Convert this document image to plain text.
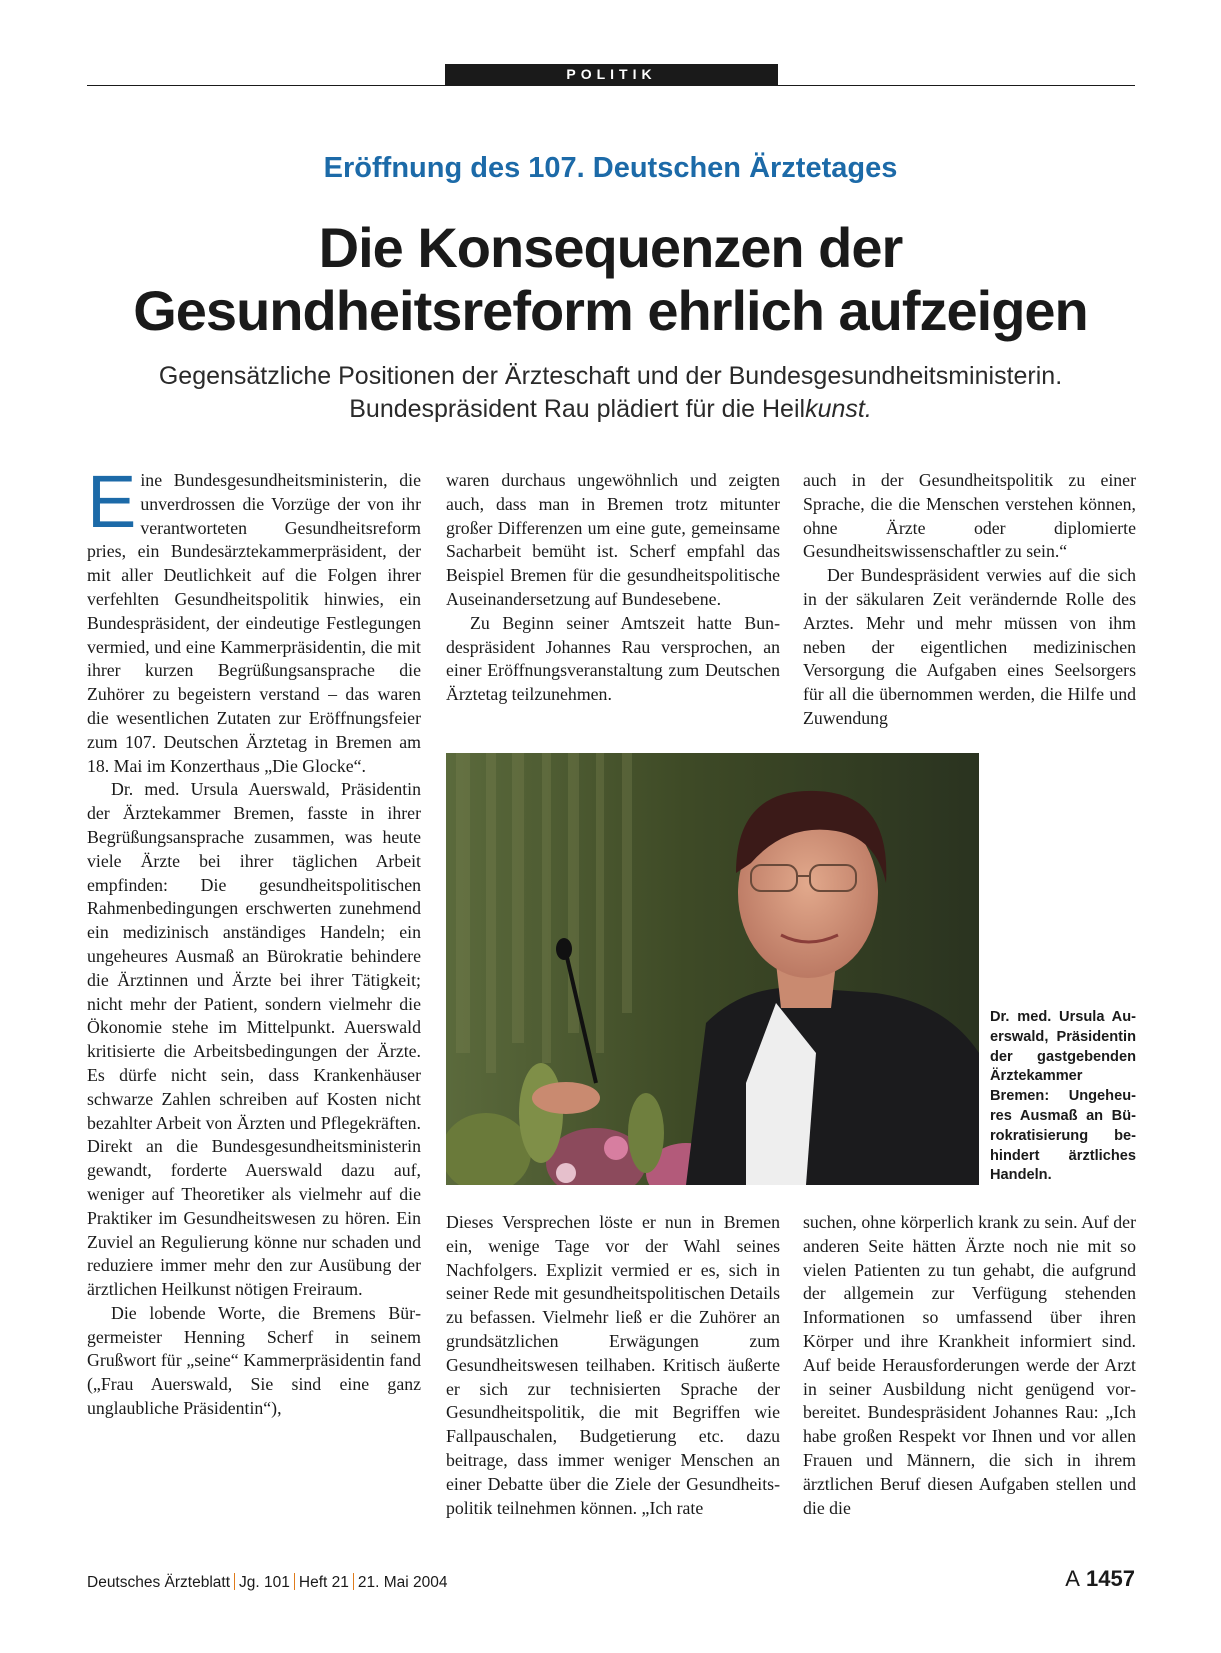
POLITIK
Eröffnung des 107. Deutschen Ärztetages
Die Konsequenzen der
Gesundheitsreform ehrlich aufzeigen
Gegensätzliche Positionen der Ärzteschaft und der Bundesgesundheitsministerin.
Bundespräsident Rau plädiert für die Heilkunst.

Eine Bundesgesundheitsministerin, die unverdrossen die Vorzüge der von ihr verantworteten Gesundheitsreform pries, ein Bundesärztekammerpräsident, der mit aller Deutlichkeit auf die Folgen ihrer verfehlten Gesundheitspolitik hinwies, ein Bundespräsident, der eindeutige Festlegungen vermied, und eine Kammerpräsidentin, die mit ihrer kurzen Begrüßungsansprache die Zuhörer zu begeistern verstand – das waren die wesentlichen Zutaten zur Eröffnungsfeier zum 107. Deutschen Ärztetag in Bremen am 18. Mai im Konzerthaus „Die Glocke“.

Dr. med. Ursula Auerswald, Präsidentin der Ärztekammer Bremen, fasste in ihrer Begrüßungsansprache zusammen, was heute viele Ärzte bei ihrer täglichen Arbeit empfinden: Die gesundheitspolitischen Rahmenbedingungen erschwerten zunehmend ein medizinisch anständiges Handeln; ein ungeheures Ausmaß an Bürokratie behindere die Ärztinnen und Ärzte bei ihrer Tätigkeit; nicht mehr der Patient, sondern vielmehr die Ökonomie stehe im Mittelpunkt. Auerswald kritisierte die Arbeitsbedingungen der Ärzte. Es dürfe nicht sein, dass Krankenhäuser schwarze Zahlen schreiben auf Kosten nicht bezahlter Arbeit von Ärzten und Pflegekräften. Direkt an die Bundesgesundheitsministerin gewandt, forderte Auerswald dazu auf, weniger auf Theoretiker als vielmehr auf die Praktiker im Gesundheitswesen zu hören. Ein Zuviel an Regulierung könne nur schaden und reduziere immer mehr den zur Ausübung der ärztlichen Heilkunst nötigen Freiraum.

Die lobende Worte, die Bremens Bürgermeister Henning Scherf in seinem Grußwort für „seine“ Kammerpräsidentin fand („Frau Auerswald, Sie sind eine ganz unglaubliche Präsidentin“),

waren durchaus ungewöhnlich und zeigten auch, dass man in Bremen trotz mitunter großer Differenzen um eine gute, gemeinsame Sacharbeit bemüht ist. Scherf empfahl das Beispiel Bremen für die gesundheitspolitische Auseinandersetzung auf Bundesebene.

Zu Beginn seiner Amtszeit hatte Bundespräsident Johannes Rau versprochen, an einer Eröffnungsveranstaltung zum Deutschen Ärztetag teilzunehmen.

auch in der Gesundheitspolitik zu einer Sprache, die die Menschen verstehen können, ohne Ärzte oder diplomierte Gesundheitswissenschaftler zu sein.“

Der Bundespräsident verwies auf die sich in der säkularen Zeit verändernde Rolle des Arztes. Mehr und mehr müssen von ihm neben der eigentlichen medizinischen Versorgung die Aufgaben eines Seelsorgers für all die übernommen werden, die Hilfe und Zuwendung

Dr. med. Ursula Auerswald, Präsidentin der gastgebenden Ärztekammer Bremen: Ungeheures Ausmaß an Bürokratisierung behindert ärztliches Handeln.

Dieses Versprechen löste er nun in Bremen ein, wenige Tage vor der Wahl seines Nachfolgers. Explizit vermied er es, sich in seiner Rede mit gesundheitspolitischen Details zu befassen. Vielmehr ließ er die Zuhörer an grundsätzlichen Erwägungen zum Gesundheitswesen teilhaben. Kritisch äußerte er sich zur technisierten Sprache der Gesundheitspolitik, die mit Begriffen wie Fallpauschalen, Budgetierung etc. dazu beitrage, dass immer weniger Menschen an einer Debatte über die Ziele der Gesundheitspolitik teilnehmen können. „Ich rate

suchen, ohne körperlich krank zu sein. Auf der anderen Seite hätten Ärzte noch nie mit so vielen Patienten zu tun gehabt, die aufgrund der allgemein zur Verfügung stehenden Informationen so umfassend über ihren Körper und ihre Krankheit informiert sind. Auf beide Herausforderungen werde der Arzt in seiner Ausbildung nicht genügend vorbereitet. Bundespräsident Johannes Rau: „Ich habe großen Respekt vor Ihnen und vor allen Frauen und Männern, die sich in ihrem ärztlichen Beruf diesen Aufgaben stellen und die die

Deutsches Ärzteblatt Jg. 101 Heft 21 21. Mai 2004	A 1457
